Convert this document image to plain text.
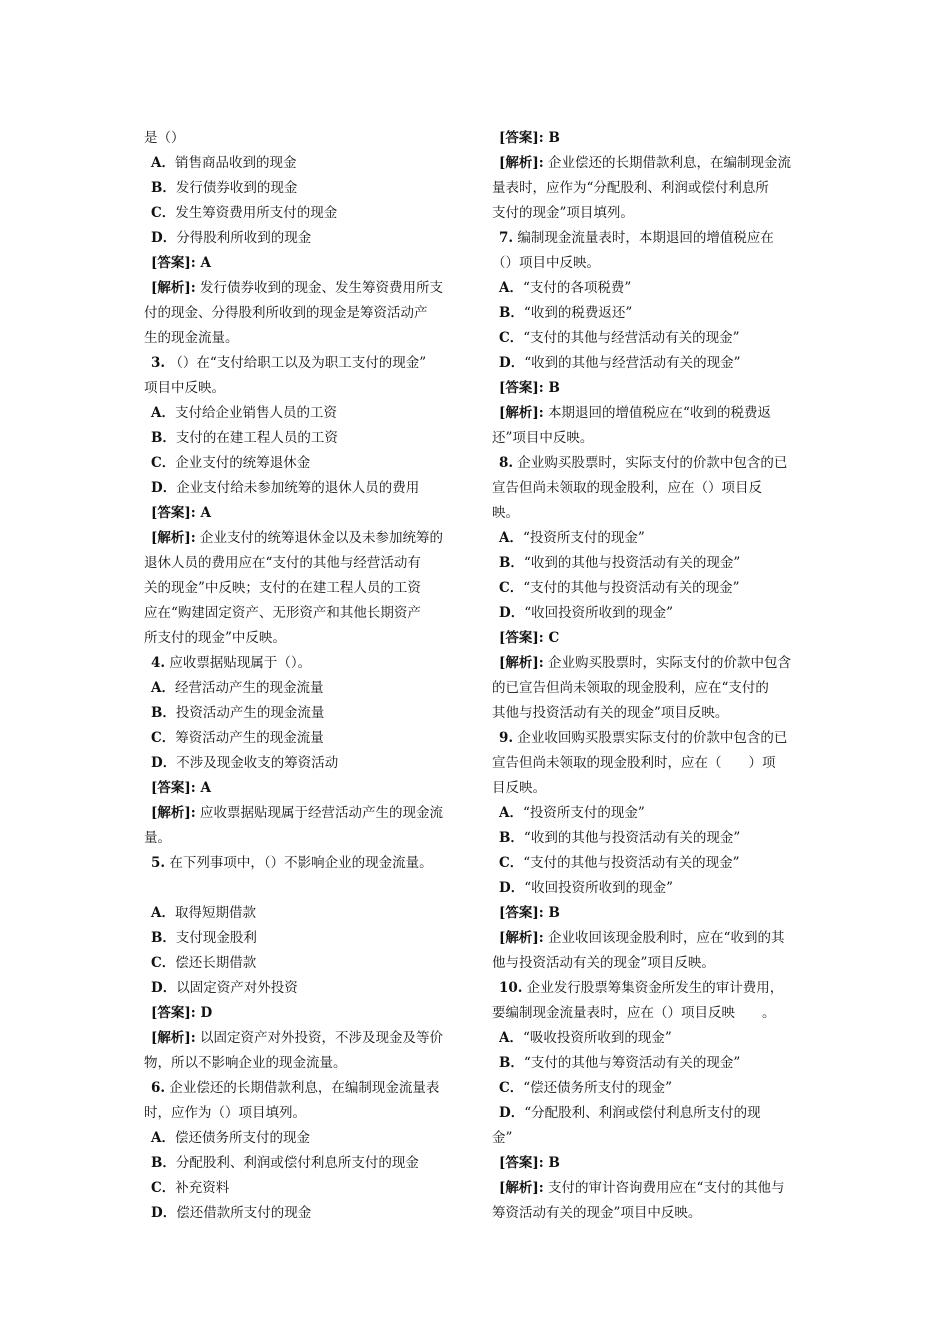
是（）
A．销售商品收到的现金
B．发行债券收到的现金
C．发生筹资费用所支付的现金
D．分得股利所收到的现金
[答案]: A
[解析]: 发行债券收到的现金、发生筹资费用所支
付的现金、分得股利所收到的现金是筹资活动产
生的现金流量。
3. （）在“支付给职工以及为职工支付的现金”
项目中反映。
A．支付给企业销售人员的工资
B．支付的在建工程人员的工资
C．企业支付的统筹退休金
D．企业支付给未参加统筹的退休人员的费用
[答案]: A
[解析]: 企业支付的统筹退休金以及未参加统筹的
退休人员的费用应在“支付的其他与经营活动有
关的现金”中反映；支付的在建工程人员的工资
应在“购建固定资产、无形资产和其他长期资产
所支付的现金”中反映。
4. 应收票据贴现属于（）。
A．经营活动产生的现金流量
B．投资活动产生的现金流量
C．筹资活动产生的现金流量
D．不涉及现金收支的筹资活动
[答案]: A
[解析]: 应收票据贴现属于经营活动产生的现金流
量。
5. 在下列事项中，（）不影响企业的现金流量。
A．取得短期借款
B．支付现金股利
C．偿还长期借款
D．以固定资产对外投资
[答案]: D
[解析]: 以固定资产对外投资，不涉及现金及等价
物，所以不影响企业的现金流量。
6. 企业偿还的长期借款利息，在编制现金流量表
时，应作为（）项目填列。
A．偿还债务所支付的现金
B．分配股利、利润或偿付利息所支付的现金
C．补充资料
D．偿还借款所支付的现金
[答案]: B
[解析]: 企业偿还的长期借款利息，在编制现金流
量表时，应作为“分配股利、利润或偿付利息所
支付的现金”项目填列。
7. 编制现金流量表时，本期退回的增值税应在
（）项目中反映。
A．“支付的各项税费”
B．“收到的税费返还”
C．“支付的其他与经营活动有关的现金”
D．“收到的其他与经营活动有关的现金”
[答案]: B
[解析]: 本期退回的增值税应在“收到的税费返
还”项目中反映。
8. 企业购买股票时，实际支付的价款中包含的已
宣告但尚未领取的现金股利，应在（）项目反
映。
A．“投资所支付的现金”
B．“收到的其他与投资活动有关的现金”
C．“支付的其他与投资活动有关的现金”
D．“收回投资所收到的现金”
[答案]: C
[解析]: 企业购买股票时，实际支付的价款中包含
的已宣告但尚未领取的现金股利，应在“支付的
其他与投资活动有关的现金”项目反映。
9. 企业收回购买股票实际支付的价款中包含的已
宣告但尚未领取的现金股利时，应在（　　）项
目反映。
A．“投资所支付的现金”
B．“收到的其他与投资活动有关的现金”
C．“支付的其他与投资活动有关的现金”
D．“收回投资所收到的现金”
[答案]: B
[解析]: 企业收回该现金股利时，应在“收到的其
他与投资活动有关的现金”项目反映。
10. 企业发行股票筹集资金所发生的审计费用，
要编制现金流量表时，应在（）项目反映　　。
A．“吸收投资所收到的现金”
B．“支付的其他与筹资活动有关的现金”
C．“偿还债务所支付的现金”
D．“分配股利、利润或偿付利息所支付的现
金”
[答案]: B
[解析]: 支付的审计咨询费用应在“支付的其他与
筹资活动有关的现金”项目中反映。
